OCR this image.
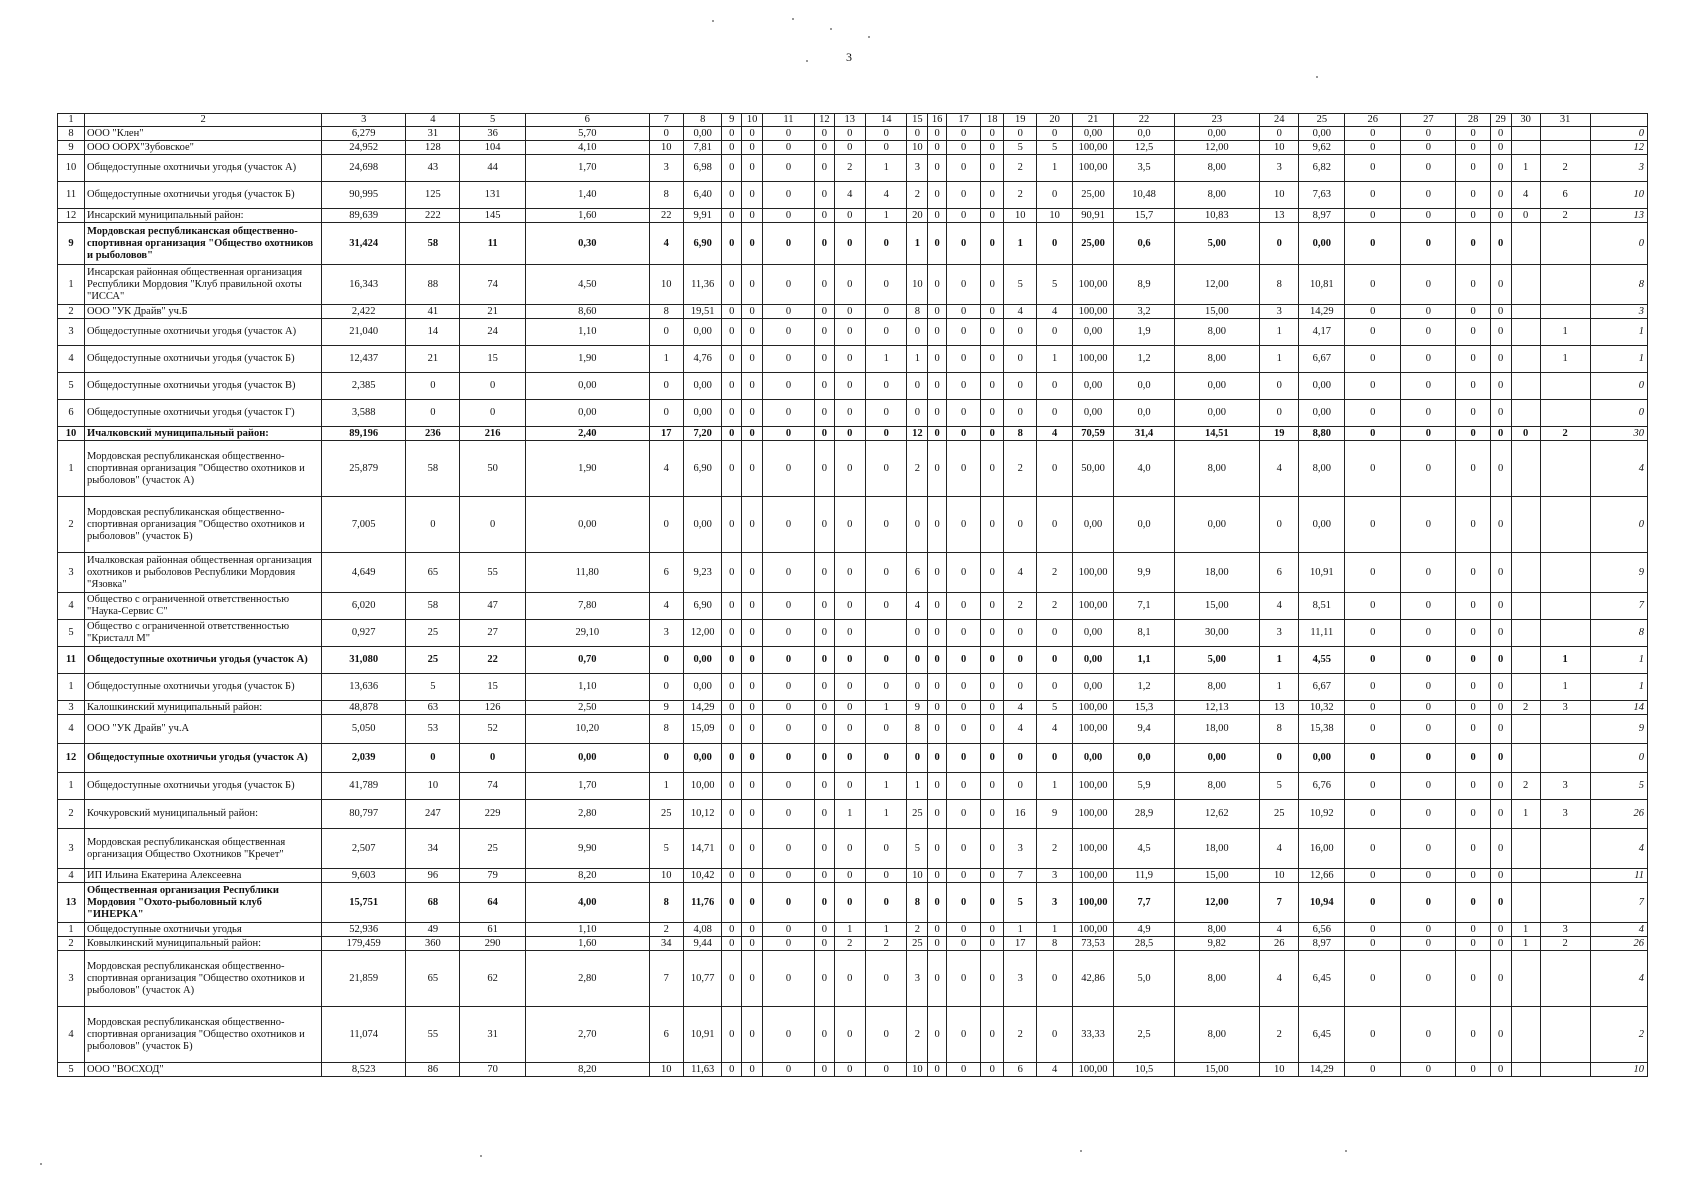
3
1	2	3	4	5	6	7	8	9	10	11	12	13	14	15	16	17	18	19	20	21	22	23	24	25	26	27	28	29	30	31	
8	ООО "Клен"	6,279	31	36	5,70	0	0,00	0	0	0	0	0	0	0	0	0	0	0	0	0,00	0,0	0,00	0	0,00	0	0	0	0			0
9	ООО ООРХ"Зубовское"	24,952	128	104	4,10	10	7,81	0	0	0	0	0	0	10	0	0	0	5	5	100,00	12,5	12,00	10	9,62	0	0	0	0			12
10	Общедоступные охотничьи угодья (участок А)	24,698	43	44	1,70	3	6,98	0	0	0	0	2	1	3	0	0	0	2	1	100,00	3,5	8,00	3	6,82	0	0	0	0	1	2	3
11	Общедоступные охотничьи угодья (участок Б)	90,995	125	131	1,40	8	6,40	0	0	0	0	4	4	2	0	0	0	2	0	25,00	10,48	8,00	10	7,63	0	0	0	0	4	6	10
12	Инсарский муниципальный район:	89,639	222	145	1,60	22	9,91	0	0	0	0	0	1	20	0	0	0	10	10	90,91	15,7	10,83	13	8,97	0	0	0	0	0	2	13
9	Мордовская республиканская общественно-спортивная организация "Общество охотников и рыболовов"	31,424	58	11	0,30	4	6,90	0	0	0	0	0	0	1	0	0	0	1	0	25,00	0,6	5,00	0	0,00	0	0	0	0			0
1	Инсарская районная общественная организация Республики Мордовия "Клуб правильной охоты "ИССА"	16,343	88	74	4,50	10	11,36	0	0	0	0	0	0	10	0	0	0	5	5	100,00	8,9	12,00	8	10,81	0	0	0	0			8
2	ООО "УК Драйв" уч.Б	2,422	41	21	8,60	8	19,51	0	0	0	0	0	0	8	0	0	0	4	4	100,00	3,2	15,00	3	14,29	0	0	0	0			3
3	Общедоступные охотничьи угодья (участок А)	21,040	14	24	1,10	0	0,00	0	0	0	0	0	0	0	0	0	0	0	0	0,00	1,9	8,00	1	4,17	0	0	0	0		1	1
4	Общедоступные охотничьи угодья (участок Б)	12,437	21	15	1,90	1	4,76	0	0	0	0	0	1	1	0	0	0	0	1	100,00	1,2	8,00	1	6,67	0	0	0	0		1	1
5	Общедоступные охотничьи угодья (участок В)	2,385	0	0	0,00	0	0,00	0	0	0	0	0	0	0	0	0	0	0	0	0,00	0,0	0,00	0	0,00	0	0	0	0			0
6	Общедоступные охотничьи угодья (участок Г)	3,588	0	0	0,00	0	0,00	0	0	0	0	0	0	0	0	0	0	0	0	0,00	0,0	0,00	0	0,00	0	0	0	0			0
10	Ичалковский муниципальный район:	89,196	236	216	2,40	17	7,20	0	0	0	0	0	0	12	0	0	0	8	4	70,59	31,4	14,51	19	8,80	0	0	0	0	0	2	30
1	Мордовская республиканская общественно-спортивная организация "Общество охотников и рыболовов" (участок А)	25,879	58	50	1,90	4	6,90	0	0	0	0	0	0	2	0	0	0	2	0	50,00	4,0	8,00	4	8,00	0	0	0	0			4
2	Мордовская республиканская общественно-спортивная организация "Общество охотников и рыболовов" (участок Б)	7,005	0	0	0,00	0	0,00	0	0	0	0	0	0	0	0	0	0	0	0	0,00	0,0	0,00	0	0,00	0	0	0	0			0
3	Ичалковская районная общественная организация охотников и рыболовов Республики Мордовия "Язовка"	4,649	65	55	11,80	6	9,23	0	0	0	0	0	0	6	0	0	0	4	2	100,00	9,9	18,00	6	10,91	0	0	0	0			9
4	Общество с ограниченной ответственностью "Наука-Сервис С"	6,020	58	47	7,80	4	6,90	0	0	0	0	0	0	4	0	0	0	2	2	100,00	7,1	15,00	4	8,51	0	0	0	0			7
5	Общество с ограниченной ответственностью "Кристалл М"	0,927	25	27	29,10	3	12,00	0	0	0	0	0		0	0	0	0	0	0	0,00	8,1	30,00	3	11,11	0	0	0	0			8
11	Общедоступные охотничьи угодья (участок А)	31,080	25	22	0,70	0	0,00	0	0	0	0	0	0	0	0	0	0	0	0	0,00	1,1	5,00	1	4,55	0	0	0	0		1	1
1	Общедоступные охотничьи угодья (участок Б)	13,636	5	15	1,10	0	0,00	0	0	0	0	0	0	0	0	0	0	0	0	0,00	1,2	8,00	1	6,67	0	0	0	0		1	1
3	Калошкинский муниципальный район:	48,878	63	126	2,50	9	14,29	0	0	0	0	0	1	9	0	0	0	4	5	100,00	15,3	12,13	13	10,32	0	0	0	0	2	3	14
4	ООО "УК Драйв" уч.А	5,050	53	52	10,20	8	15,09	0	0	0	0	0	0	8	0	0	0	4	4	100,00	9,4	18,00	8	15,38	0	0	0	0			9
12	Общедоступные охотничьи угодья (участок А)	2,039	0	0	0,00	0	0,00	0	0	0	0	0	0	0	0	0	0	0	0	0,00	0,0	0,00	0	0,00	0	0	0	0			0
1	Общедоступные охотничьи угодья (участок Б)	41,789	10	74	1,70	1	10,00	0	0	0	0	0	1	1	0	0	0	0	1	100,00	5,9	8,00	5	6,76	0	0	0	0	2	3	5
2	Кочкуровский муниципальный район:	80,797	247	229	2,80	25	10,12	0	0	0	0	1	1	25	0	0	0	16	9	100,00	28,9	12,62	25	10,92	0	0	0	0	1	3	26
3	Мордовская республиканская общественная организация Общество Охотников "Кречет"	2,507	34	25	9,90	5	14,71	0	0	0	0	0	0	5	0	0	0	3	2	100,00	4,5	18,00	4	16,00	0	0	0	0			4
4	ИП Ильина Екатерина Алексеевна	9,603	96	79	8,20	10	10,42	0	0	0	0	0	0	10	0	0	0	7	3	100,00	11,9	15,00	10	12,66	0	0	0	0			11
13	Общественная организация Республики Мордовия "Охото-рыболовный клуб "ИНЕРКА"	15,751	68	64	4,00	8	11,76	0	0	0	0	0	0	8	0	0	0	5	3	100,00	7,7	12,00	7	10,94	0	0	0	0			7
1	Общедоступные охотничьи угодья	52,936	49	61	1,10	2	4,08	0	0	0	0	1	1	2	0	0	0	1	1	100,00	4,9	8,00	4	6,56	0	0	0	0	1	3	4
2	Ковылкинский муниципальный район:	179,459	360	290	1,60	34	9,44	0	0	0	0	2	2	25	0	0	0	17	8	73,53	28,5	9,82	26	8,97	0	0	0	0	1	2	26
3	Мордовская республиканская общественно-спортивная организация "Общество охотников и рыболовов" (участок А)	21,859	65	62	2,80	7	10,77	0	0	0	0	0	0	3	0	0	0	3	0	42,86	5,0	8,00	4	6,45	0	0	0	0			4
4	Мордовская республиканская общественно-спортивная организация "Общество охотников и рыболовов" (участок Б)	11,074	55	31	2,70	6	10,91	0	0	0	0	0	0	2	0	0	0	2	0	33,33	2,5	8,00	2	6,45	0	0	0	0			2
5	ООО "ВОСХОД"	8,523	86	70	8,20	10	11,63	0	0	0	0	0	0	10	0	0	0	6	4	100,00	10,5	15,00	10	14,29	0	0	0	0			10
